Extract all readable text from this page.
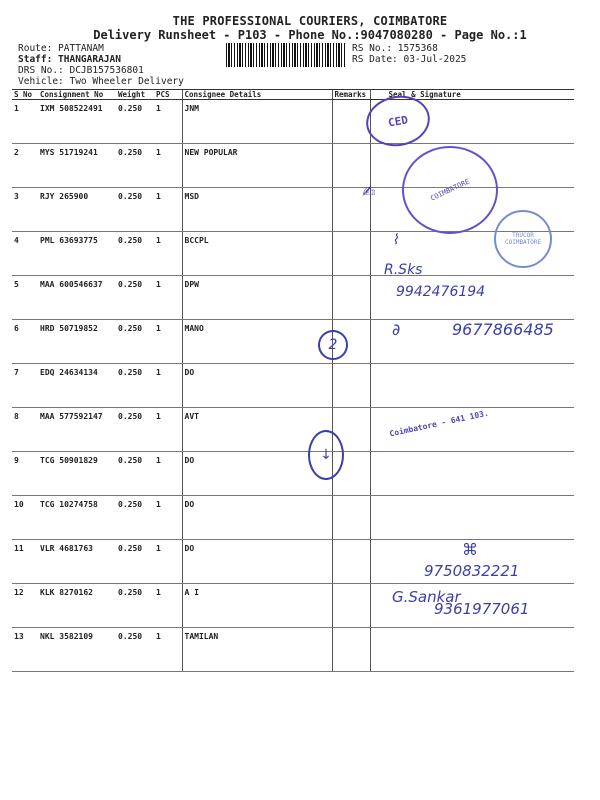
THE PROFESSIONAL COURIERS, COIMBATORE
Delivery Runsheet - P103 - Phone No.:9047080280 - Page No.:1
Route: PATTANAM
Staff: THANGARAJAN
DRS No.: DCJB157536801
Vehicle: Two Wheeler Delivery
RS No.: 1575368
RS Date: 03-Jul-2025
S No	Consignment No	Weight	PCS	Consignee Details	Remarks	Seal & Signature
1	IXM 508522491	0.250	1	JNM		
2	MYS 51719241	0.250	1	NEW POPULAR		
3	RJY 265900	0.250	1	MSD		
4	PML 63693775	0.250	1	BCCPL		
5	MAA 600546637	0.250	1	DPW		
6	HRD 50719852	0.250	1	MANO		
7	EDQ 24634134	0.250	1	DO		
8	MAA 577592147	0.250	1	AVT		
9	TCG 50901829	0.250	1	DO		
10	TCG 10274758	0.250	1	DO		
11	VLR 4681763	0.250	1	DO		
12	KLK 8270162	0.250	1	A I		
13	NKL 3582109	0.250	1	TAMILAN		
CED
COIMBATORE
TRUCOR COIMBATORE
Coimbatore - 641 103.
✍
⌇
R.Sks
9942476194
∂	9677866485
2
↓
⌘
9750832221
G.Sankar
9361977061
